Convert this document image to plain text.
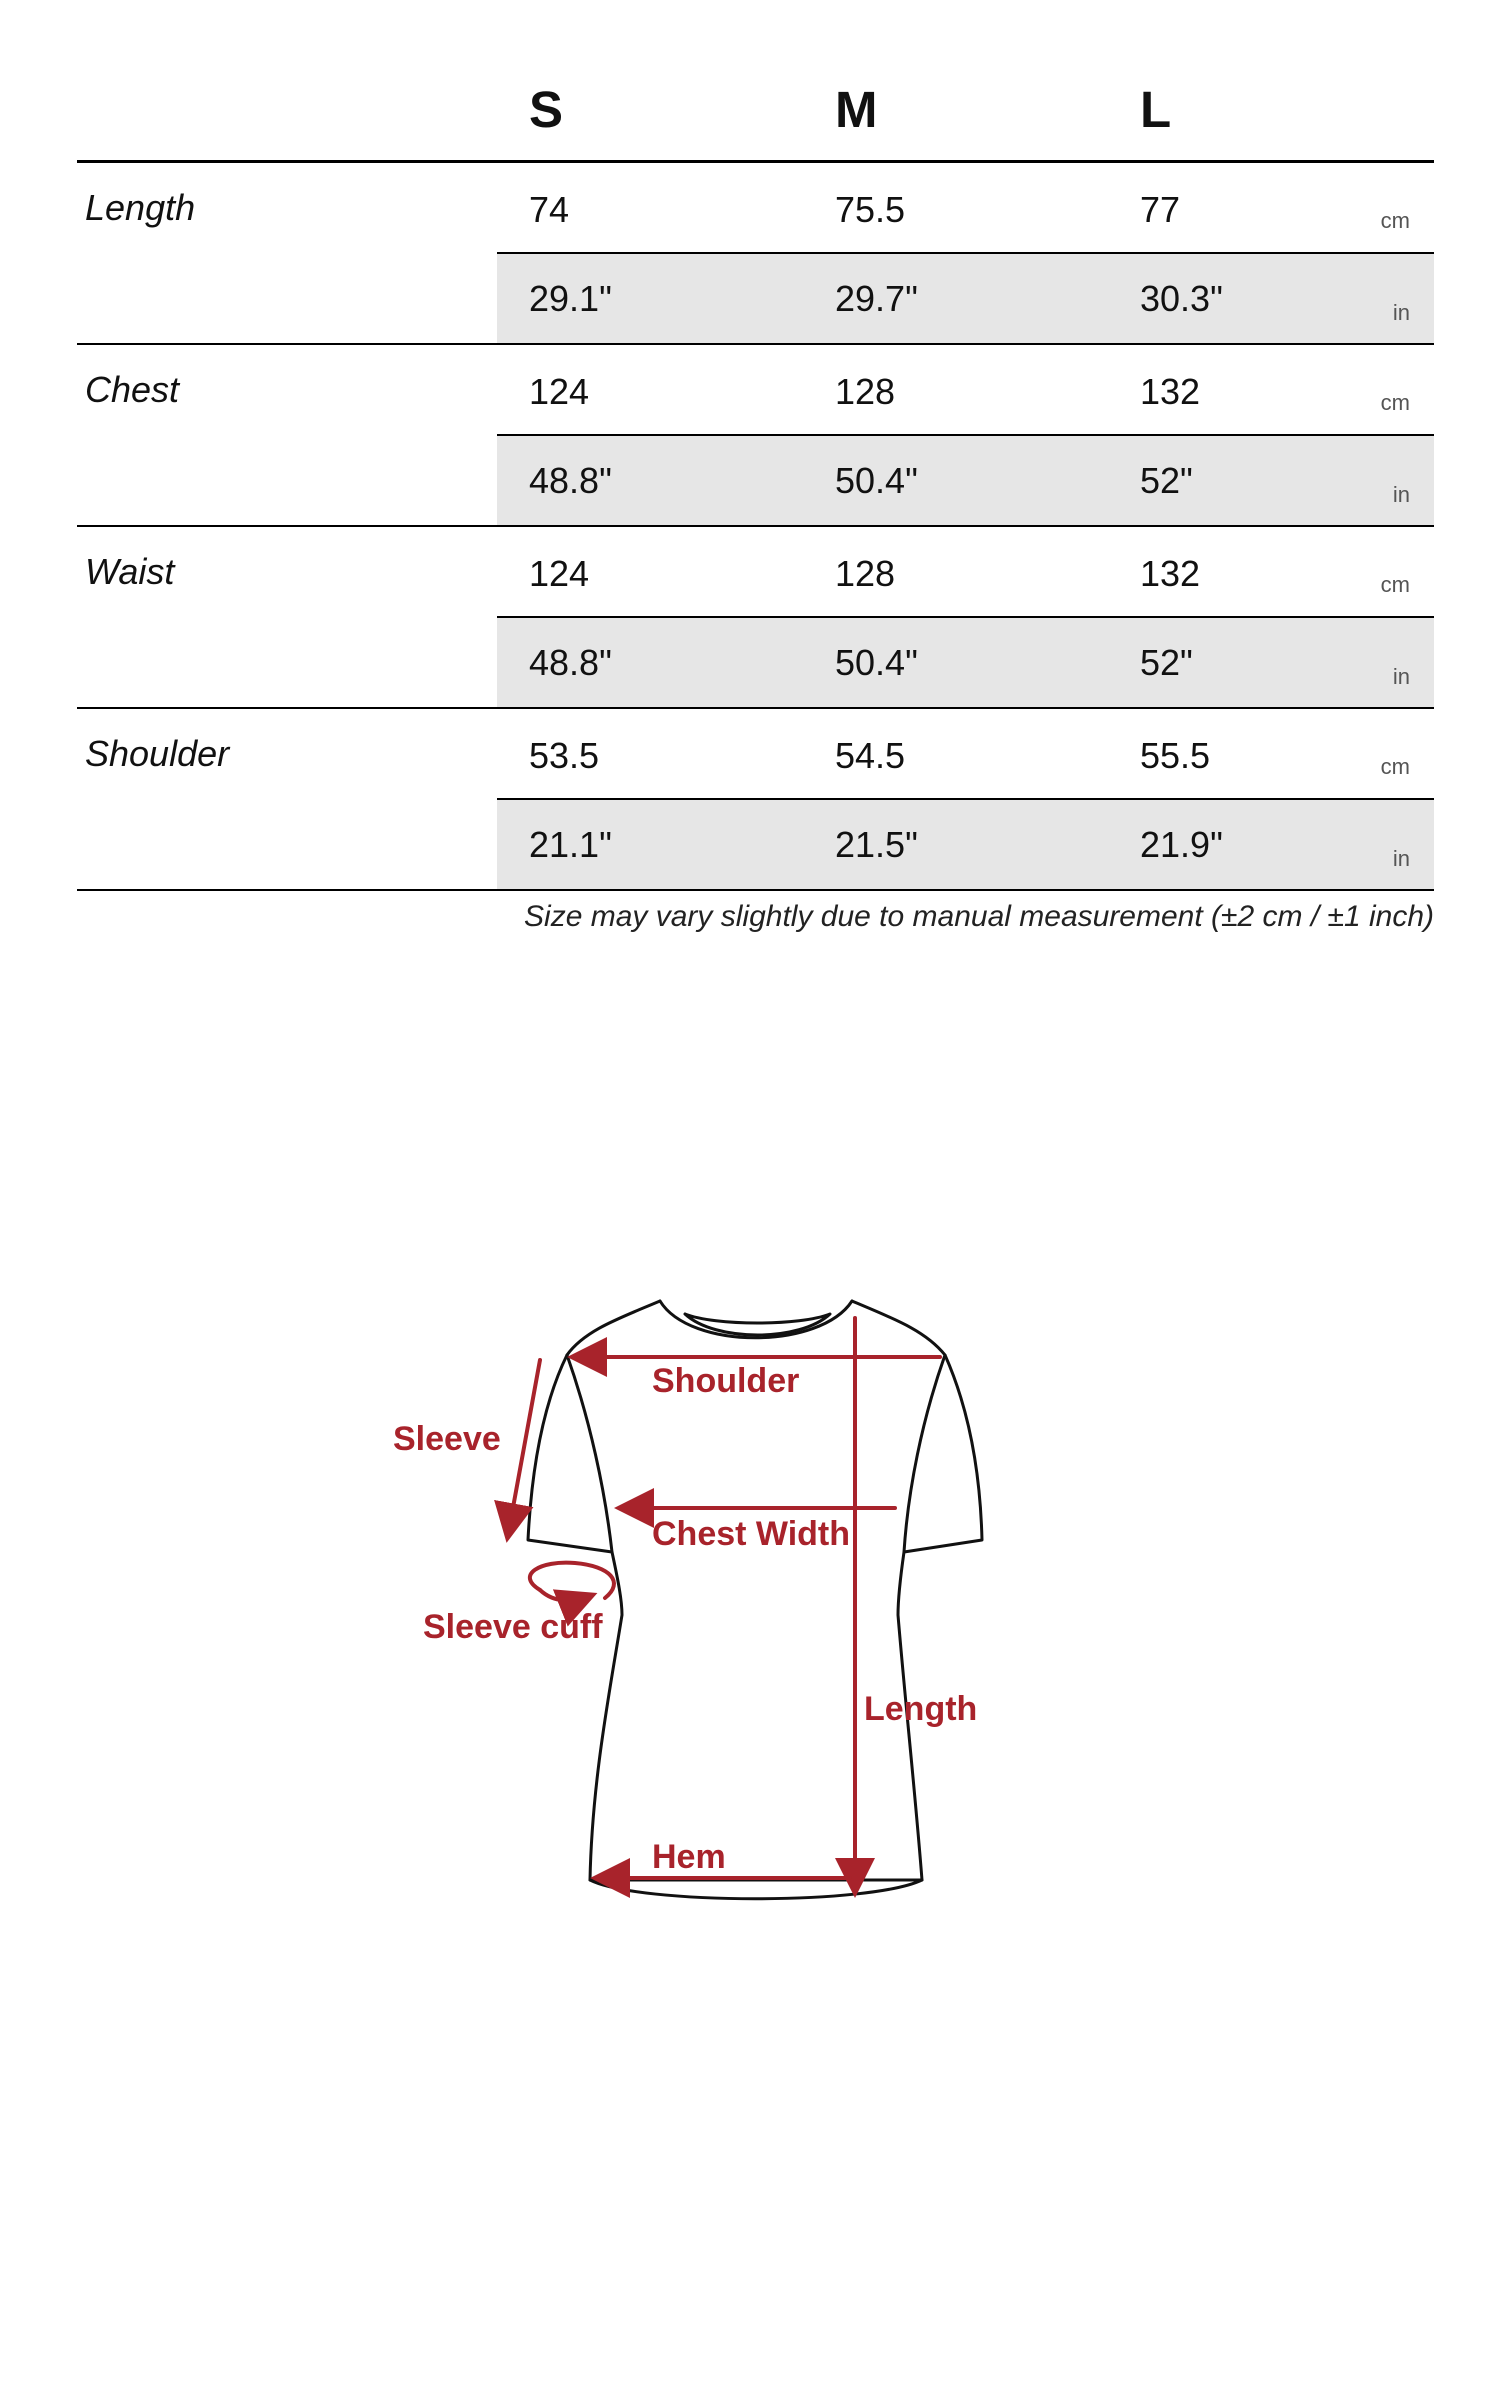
S	M	L
Length	74	75.5	77	cm
29.1"	29.7"	30.3"	in
Chest	124	128	132	cm
48.8"	50.4"	52"	in
Waist	124	128	132	cm
48.8"	50.4"	52"	in
Shoulder	53.5	54.5	55.5	cm
21.1"	21.5"	21.9"	in
Size may vary slightly due to manual measurement (±2 cm / ±1 inch)
Shoulder
Sleeve
Chest Width
Sleeve cuff
Length
Hem
